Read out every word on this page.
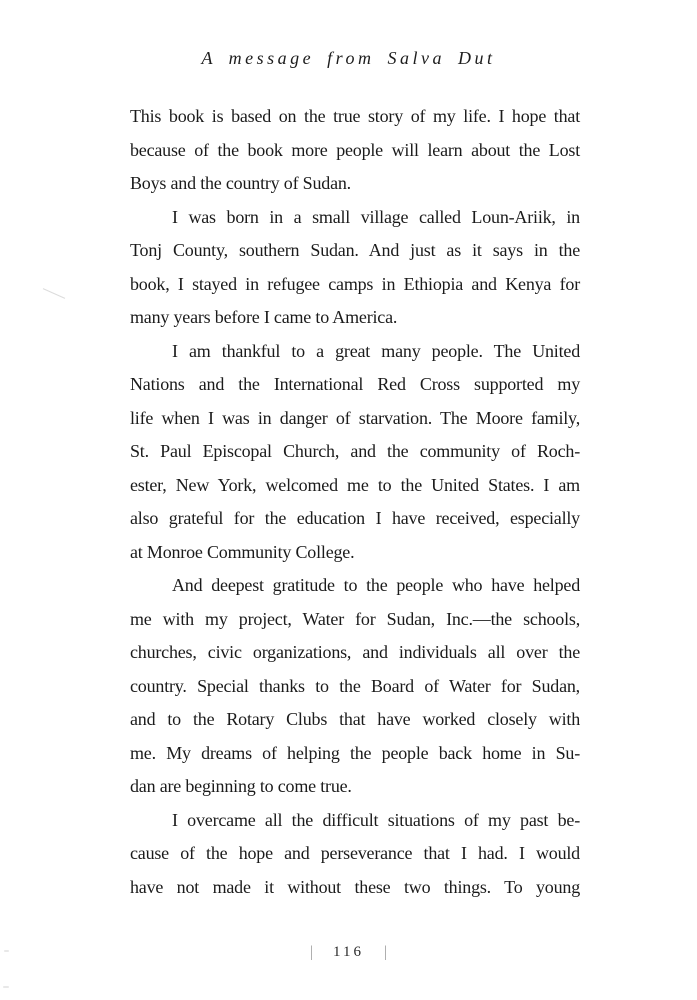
A message from Salva Dut
This book is based on the true story of my life. I hope that
because of the book more people will learn about the Lost
Boys and the country of Sudan.
I was born in a small village called Loun-Ariik, in
Tonj County, southern Sudan. And just as it says in the
book, I stayed in refugee camps in Ethiopia and Kenya for
many years before I came to America.
I am thankful to a great many people. The United
Nations and the International Red Cross supported my
life when I was in danger of starvation. The Moore family,
St. Paul Episcopal Church, and the community of Roch-
ester, New York, welcomed me to the United States. I am
also grateful for the education I have received, especially
at Monroe Community College.
And deepest gratitude to the people who have helped
me with my project, Water for Sudan, Inc.—the schools,
churches, civic organizations, and individuals all over the
country. Special thanks to the Board of Water for Sudan,
and to the Rotary Clubs that have worked closely with
me. My dreams of helping the people back home in Su-
dan are beginning to come true.
I overcame all the difficult situations of my past be-
cause of the hope and perseverance that I had. I would
have not made it without these two things. To young
| 116 |
